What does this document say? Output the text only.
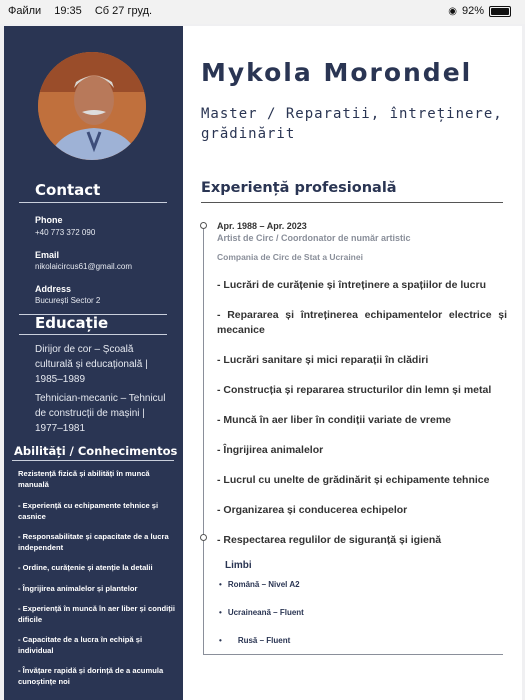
Файли 19:35 Сб 27 груд.	◉ 92%
Contact
Phone
+40 773 372 090
Email
nikolaicircus61@gmail.com
Address
București Sector 2
Educație
Dirijor de cor – Școală culturală și educațională | 1985–1989
Tehnician-mecanic – Tehnicul de construcții de mașini | 1977–1981
Abilități / Conhecimentos
Rezistență fizică și abilități în muncă manuală
- Experiență cu echipamente tehnice și casnice
- Responsabilitate și capacitate de a lucra independent
- Ordine, curățenie și atenție la detalii
- Îngrijirea animalelor și plantelor
- Experiență în muncă în aer liber și condiții dificile
- Capacitate de a lucra în echipă și individual
- Învățare rapidă și dorință de a acumula cunoștințe noi
Mykola Morondel
Master / Reparatii, întreținere, grădinărit
Experiență profesională
Apr. 1988 – Apr. 2023
Artist de Circ / Coordonator de număr artistic
Compania de Circ de Stat a Ucrainei
- Lucrări de curățenie și întreținere a spațiilor de lucru
- Repararea și întreținerea echipamentelor electrice și mecanice
- Lucrări sanitare și mici reparații în clădiri
- Construcția și repararea structurilor din lemn și metal
- Muncă în aer liber în condiții variate de vreme
- Îngrijirea animalelor
- Lucrul cu unelte de grădinărit și echipamente tehnice
- Organizarea și conducerea echipelor
- Respectarea regulilor de siguranță și igienă
Limbi
• Română – Nivel A2
• Ucraineană – Fluent
• Rusă – Fluent
